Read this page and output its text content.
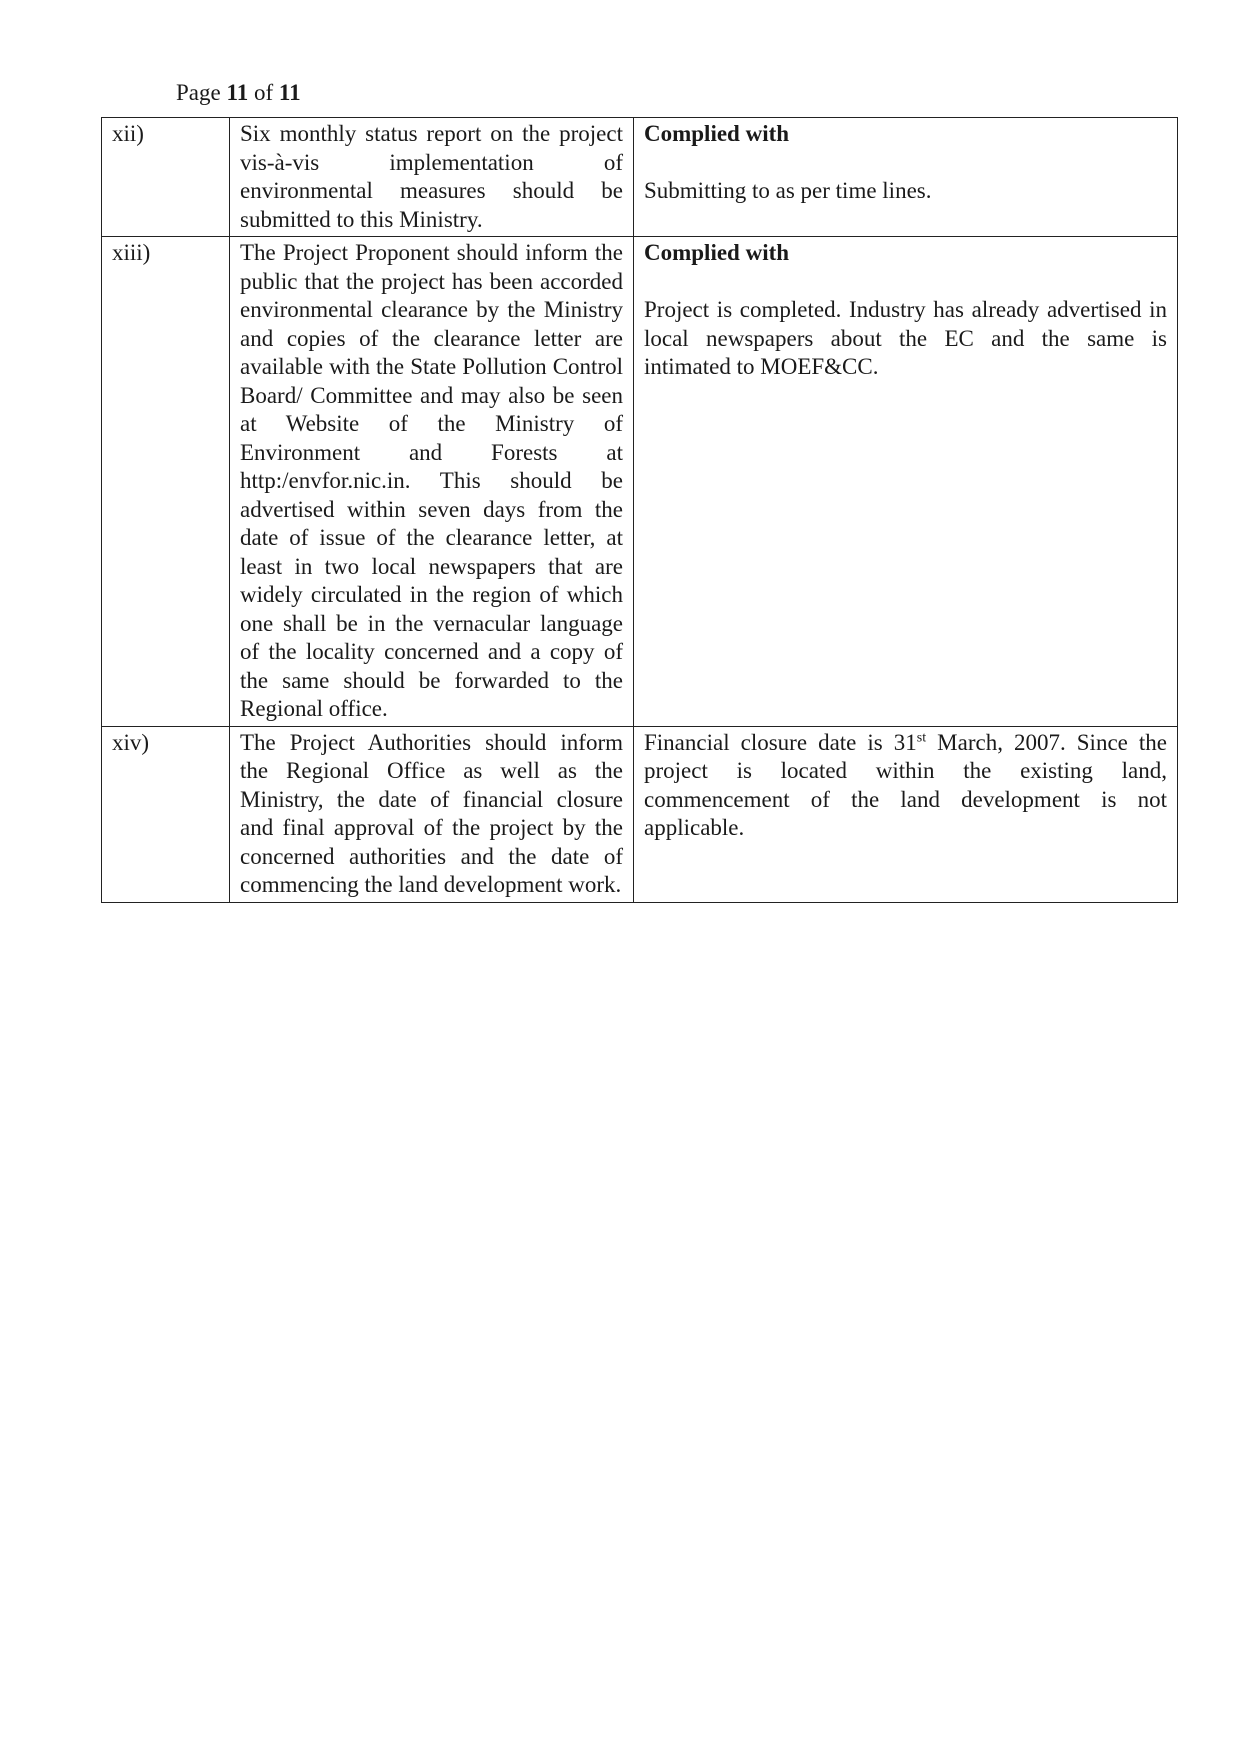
Page 11 of 11
xii)	Six monthly status report on the project vis-à-vis implementation of environmental measures should be submitted to this Ministry.	Complied with
Submitting to as per time lines.

xiii)	The Project Proponent should inform the public that the project has been accorded environmental clearance by the Ministry and copies of the clearance letter are available with the State Pollution Control Board/ Committee and may also be seen at Website of the Ministry of Environment and Forests at http:/envfor.nic.in. This should be advertised within seven days from the date of issue of the clearance letter, at least in two local newspapers that are widely circulated in the region of which one shall be in the vernacular language of the locality concerned and a copy of the same should be forwarded to the Regional office.	Complied with
Project is completed. Industry has already advertised in local newspapers about the EC and the same is intimated to MOEF&CC.

xiv)	The Project Authorities should inform the Regional Office as well as the Ministry, the date of financial closure and final approval of the project by the concerned authorities and the date of commencing the land development work.	Financial closure date is 31st March, 2007. Since the project is located within the existing land, commencement of the land development is not applicable.
